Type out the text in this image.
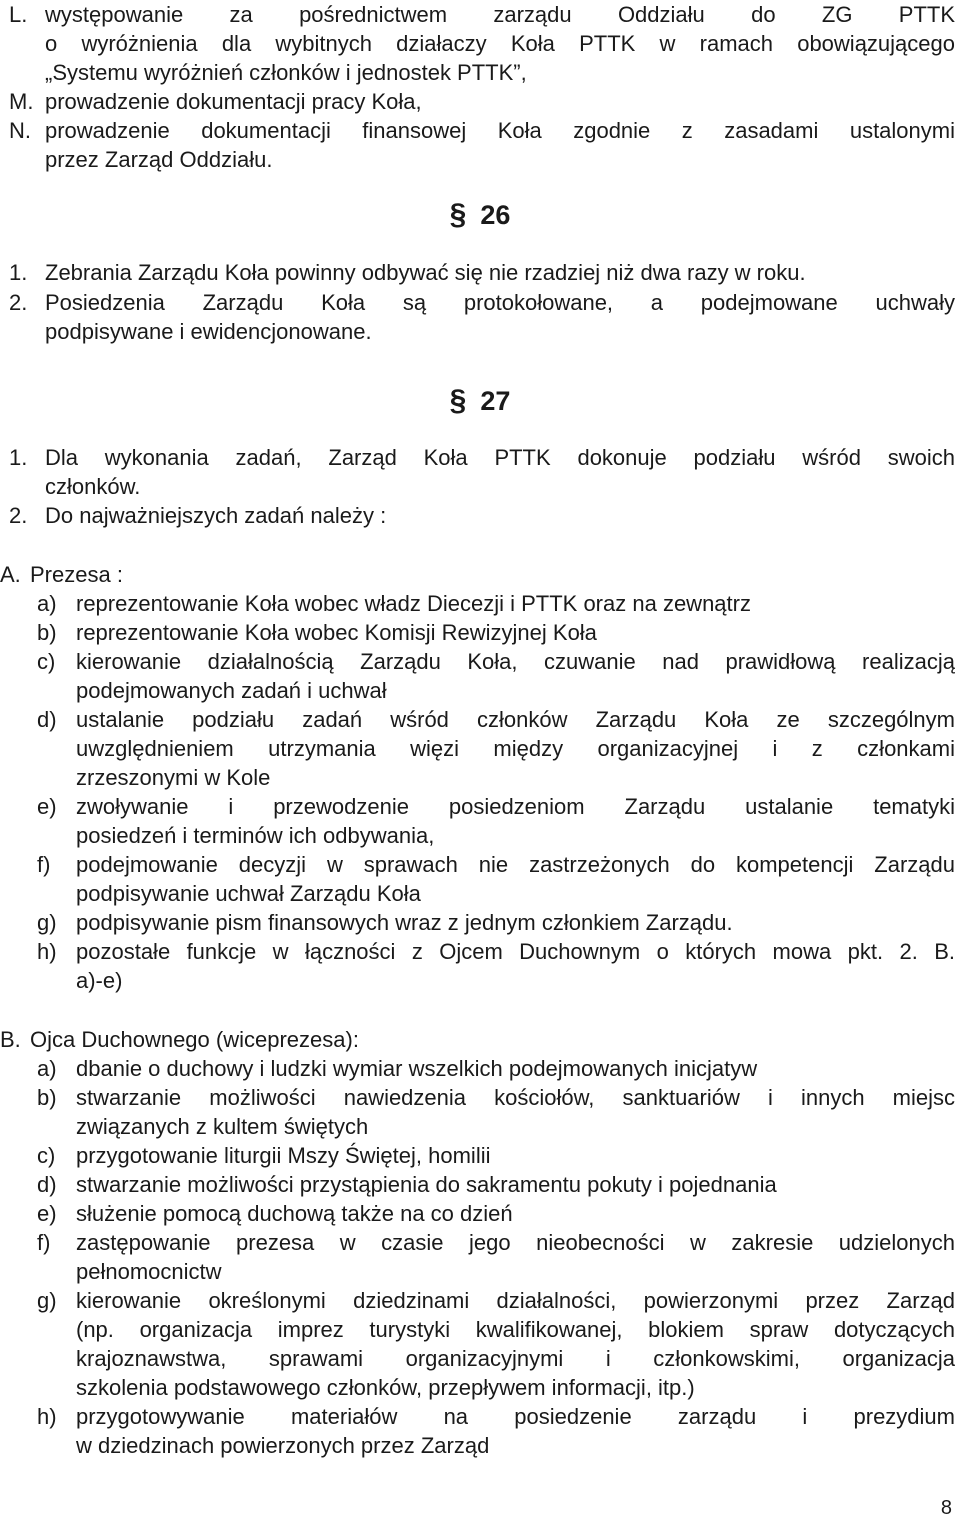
L. występowanie za pośrednictwem zarządu Oddziału do ZG PTTK

o wyróżnienia dla wybitnych działaczy Koła PTTK w ramach obowiązującego

„Systemu wyróżnień członków i jednostek PTTK”,

M. prowadzenie dokumentacji pracy Koła,

N. prowadzenie dokumentacji finansowej Koła zgodnie z zasadami ustalonymi

przez Zarząd Oddziału.

§ 26

1. Zebrania Zarządu Koła powinny odbywać się nie rzadziej niż dwa razy w roku.

2. Posiedzenia Zarządu Koła są protokołowane, a podejmowane uchwały

podpisywane i ewidencjonowane.

§ 27

1. Dla wykonania zadań, Zarząd Koła PTTK dokonuje podziału wśród swoich

członków.

2. Do najważniejszych zadań należy :

A. Prezesa :

a) reprezentowanie Koła wobec władz Diecezji i PTTK oraz na zewnątrz

b) reprezentowanie Koła wobec Komisji Rewizyjnej Koła

c) kierowanie działalnością Zarządu Koła, czuwanie nad prawidłową realizacją

podejmowanych zadań i uchwał

d) ustalanie podziału zadań wśród członków Zarządu Koła ze szczególnym

uwzględnieniem utrzymania więzi między organizacyjnej i z członkami

zrzeszonymi w Kole

e) zwoływanie i przewodzenie posiedzeniom Zarządu ustalanie tematyki

posiedzeń i terminów ich odbywania,

f) podejmowanie decyzji w sprawach nie zastrzeżonych do kompetencji Zarządu

podpisywanie uchwał Zarządu Koła

g) podpisywanie pism finansowych wraz z jednym członkiem Zarządu.

h) pozostałe funkcje w łączności z Ojcem Duchownym o których mowa pkt. 2. B.

a)-e)

B. Ojca Duchownego (wiceprezesa):

a) dbanie o duchowy i ludzki wymiar wszelkich podejmowanych inicjatyw

b) stwarzanie możliwości nawiedzenia kościołów, sanktuariów i innych miejsc

związanych z kultem świętych

c) przygotowanie liturgii Mszy Świętej, homilii

d) stwarzanie możliwości przystąpienia do sakramentu pokuty i pojednania

e) służenie pomocą duchową także na co dzień

f) zastępowanie prezesa w czasie jego nieobecności w zakresie udzielonych

pełnomocnictw

g) kierowanie określonymi dziedzinami działalności, powierzonymi przez Zarząd

(np. organizacja imprez turystyki kwalifikowanej, blokiem spraw dotyczących

krajoznawstwa, sprawami organizacyjnymi i członkowskimi, organizacja

szkolenia podstawowego członków, przepływem informacji, itp.)

h) przygotowywanie materiałów na posiedzenie zarządu i prezydium

w dziedzinach powierzonych przez Zarząd

8
